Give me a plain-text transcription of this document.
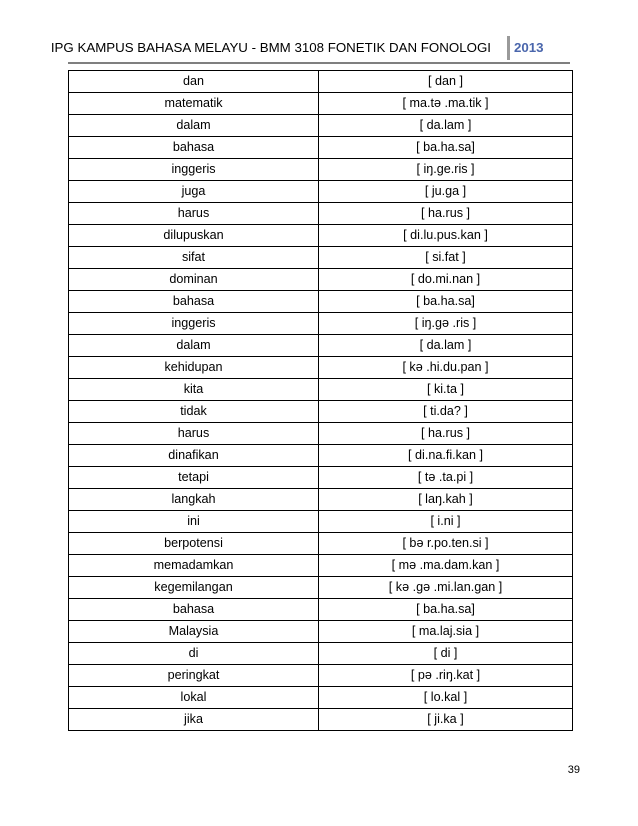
IPG KAMPUS BAHASA MELAYU - BMM 3108 FONETIK DAN FONOLOGI 2013
dan	[ dan ]
matematik	[ ma.tə .ma.tik ]
dalam	[ da.lam ]
bahasa	[ ba.ha.sa]
inggeris	[ iŋ.ge.ris ]
juga	[ ju.ga ]
harus	[ ha.rus ]
dilupuskan	[ di.lu.pus.kan ]
sifat	[ si.fat ]
dominan	[ do.mi.nan ]
bahasa	[ ba.ha.sa]
inggeris	[ iŋ.gə .ris ]
dalam	[ da.lam ]
kehidupan	[ kə .hi.du.pan ]
kita	[ ki.ta ]
tidak	[ ti.da? ]
harus	[ ha.rus ]
dinafikan	[ di.na.fi.kan ]
tetapi	[ tə .ta.pi ]
langkah	[ laŋ.kah ]
ini	[ i.ni ]
berpotensi	[ bə r.po.ten.si ]
memadamkan	[ mə .ma.dam.kan ]
kegemilangan	[ kə .gə .mi.lan.gan ]
bahasa	[ ba.ha.sa]
Malaysia	[ ma.laj.sia ]
di	[ di ]
peringkat	[ pə .riŋ.kat ]
lokal	[ lo.kal ]
jika	[ ji.ka ]
39
